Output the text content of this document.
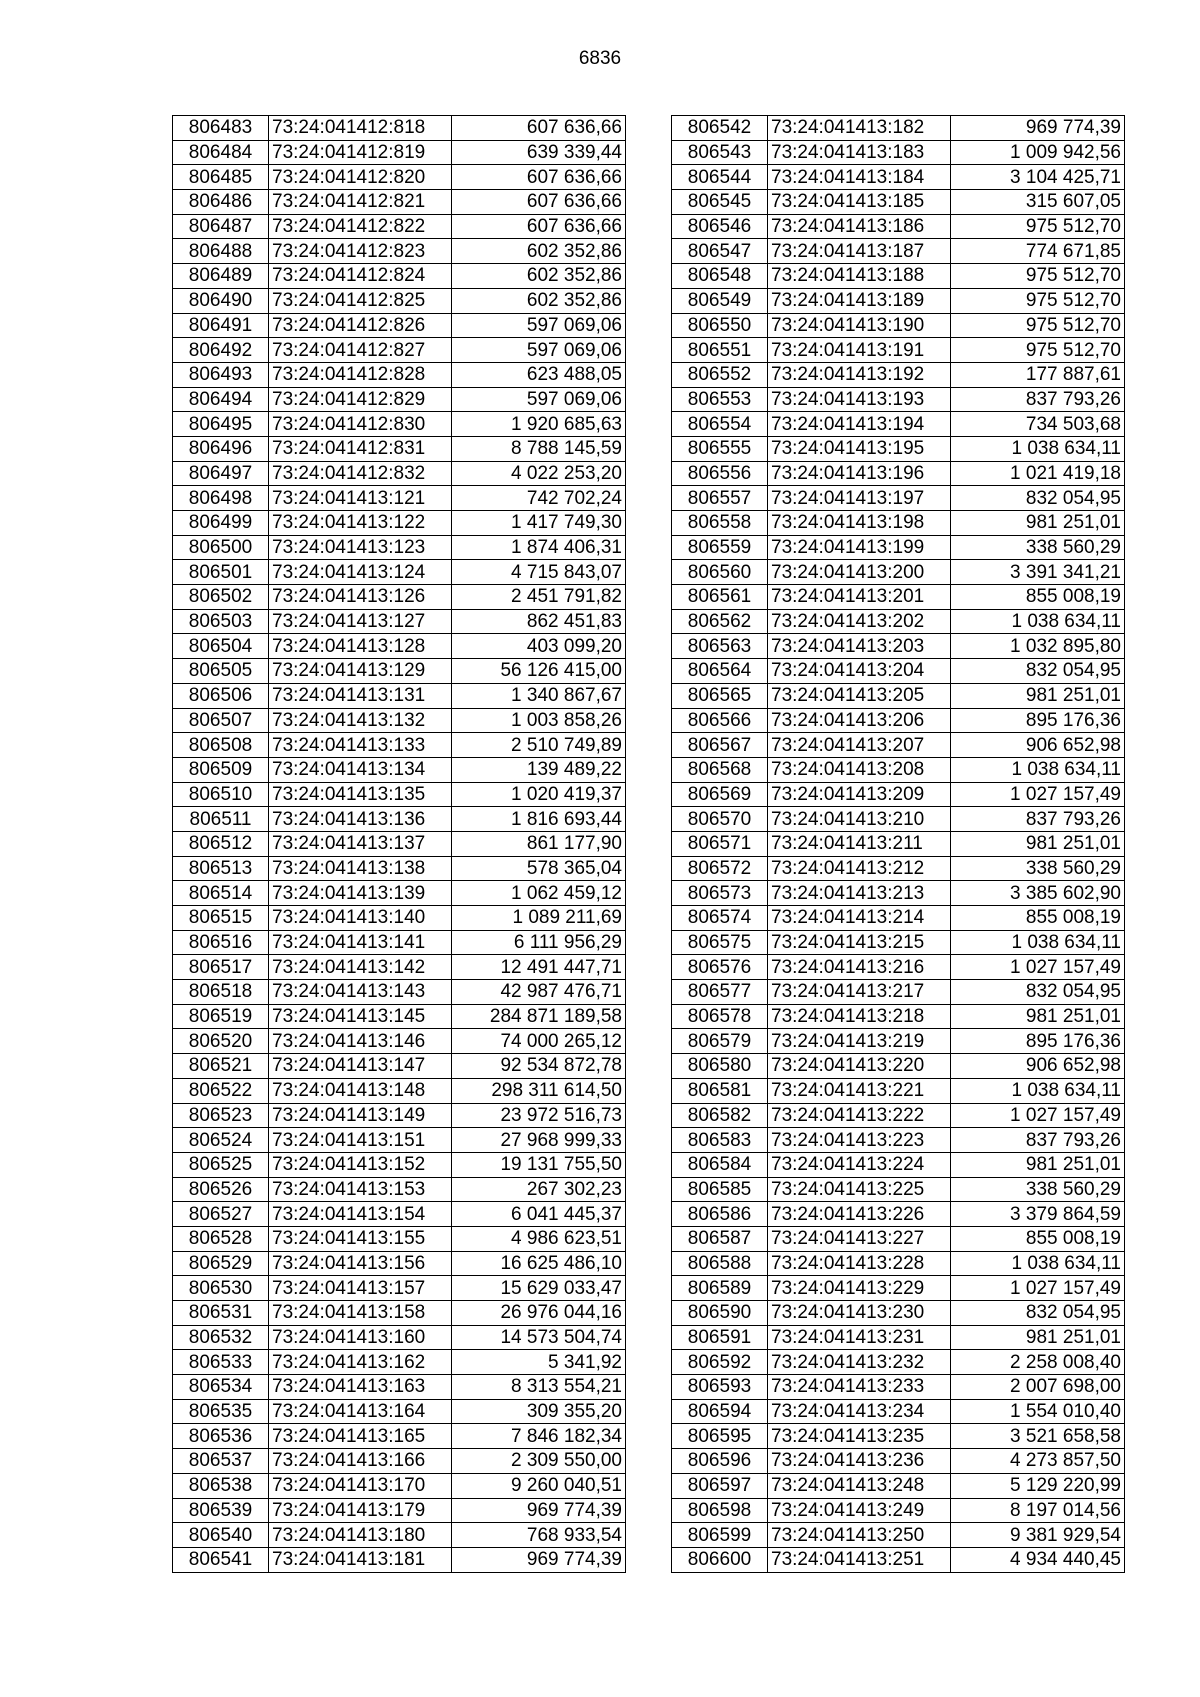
6836
806483	73:24:041412:818	607 636,66
806484	73:24:041412:819	639 339,44
806485	73:24:041412:820	607 636,66
806486	73:24:041412:821	607 636,66
806487	73:24:041412:822	607 636,66
806488	73:24:041412:823	602 352,86
806489	73:24:041412:824	602 352,86
806490	73:24:041412:825	602 352,86
806491	73:24:041412:826	597 069,06
806492	73:24:041412:827	597 069,06
806493	73:24:041412:828	623 488,05
806494	73:24:041412:829	597 069,06
806495	73:24:041412:830	1 920 685,63
806496	73:24:041412:831	8 788 145,59
806497	73:24:041412:832	4 022 253,20
806498	73:24:041413:121	742 702,24
806499	73:24:041413:122	1 417 749,30
806500	73:24:041413:123	1 874 406,31
806501	73:24:041413:124	4 715 843,07
806502	73:24:041413:126	2 451 791,82
806503	73:24:041413:127	862 451,83
806504	73:24:041413:128	403 099,20
806505	73:24:041413:129	56 126 415,00
806506	73:24:041413:131	1 340 867,67
806507	73:24:041413:132	1 003 858,26
806508	73:24:041413:133	2 510 749,89
806509	73:24:041413:134	139 489,22
806510	73:24:041413:135	1 020 419,37
806511	73:24:041413:136	1 816 693,44
806512	73:24:041413:137	861 177,90
806513	73:24:041413:138	578 365,04
806514	73:24:041413:139	1 062 459,12
806515	73:24:041413:140	1 089 211,69
806516	73:24:041413:141	6 111 956,29
806517	73:24:041413:142	12 491 447,71
806518	73:24:041413:143	42 987 476,71
806519	73:24:041413:145	284 871 189,58
806520	73:24:041413:146	74 000 265,12
806521	73:24:041413:147	92 534 872,78
806522	73:24:041413:148	298 311 614,50
806523	73:24:041413:149	23 972 516,73
806524	73:24:041413:151	27 968 999,33
806525	73:24:041413:152	19 131 755,50
806526	73:24:041413:153	267 302,23
806527	73:24:041413:154	6 041 445,37
806528	73:24:041413:155	4 986 623,51
806529	73:24:041413:156	16 625 486,10
806530	73:24:041413:157	15 629 033,47
806531	73:24:041413:158	26 976 044,16
806532	73:24:041413:160	14 573 504,74
806533	73:24:041413:162	5 341,92
806534	73:24:041413:163	8 313 554,21
806535	73:24:041413:164	309 355,20
806536	73:24:041413:165	7 846 182,34
806537	73:24:041413:166	2 309 550,00
806538	73:24:041413:170	9 260 040,51
806539	73:24:041413:179	969 774,39
806540	73:24:041413:180	768 933,54
806541	73:24:041413:181	969 774,39
806542	73:24:041413:182	969 774,39
806543	73:24:041413:183	1 009 942,56
806544	73:24:041413:184	3 104 425,71
806545	73:24:041413:185	315 607,05
806546	73:24:041413:186	975 512,70
806547	73:24:041413:187	774 671,85
806548	73:24:041413:188	975 512,70
806549	73:24:041413:189	975 512,70
806550	73:24:041413:190	975 512,70
806551	73:24:041413:191	975 512,70
806552	73:24:041413:192	177 887,61
806553	73:24:041413:193	837 793,26
806554	73:24:041413:194	734 503,68
806555	73:24:041413:195	1 038 634,11
806556	73:24:041413:196	1 021 419,18
806557	73:24:041413:197	832 054,95
806558	73:24:041413:198	981 251,01
806559	73:24:041413:199	338 560,29
806560	73:24:041413:200	3 391 341,21
806561	73:24:041413:201	855 008,19
806562	73:24:041413:202	1 038 634,11
806563	73:24:041413:203	1 032 895,80
806564	73:24:041413:204	832 054,95
806565	73:24:041413:205	981 251,01
806566	73:24:041413:206	895 176,36
806567	73:24:041413:207	906 652,98
806568	73:24:041413:208	1 038 634,11
806569	73:24:041413:209	1 027 157,49
806570	73:24:041413:210	837 793,26
806571	73:24:041413:211	981 251,01
806572	73:24:041413:212	338 560,29
806573	73:24:041413:213	3 385 602,90
806574	73:24:041413:214	855 008,19
806575	73:24:041413:215	1 038 634,11
806576	73:24:041413:216	1 027 157,49
806577	73:24:041413:217	832 054,95
806578	73:24:041413:218	981 251,01
806579	73:24:041413:219	895 176,36
806580	73:24:041413:220	906 652,98
806581	73:24:041413:221	1 038 634,11
806582	73:24:041413:222	1 027 157,49
806583	73:24:041413:223	837 793,26
806584	73:24:041413:224	981 251,01
806585	73:24:041413:225	338 560,29
806586	73:24:041413:226	3 379 864,59
806587	73:24:041413:227	855 008,19
806588	73:24:041413:228	1 038 634,11
806589	73:24:041413:229	1 027 157,49
806590	73:24:041413:230	832 054,95
806591	73:24:041413:231	981 251,01
806592	73:24:041413:232	2 258 008,40
806593	73:24:041413:233	2 007 698,00
806594	73:24:041413:234	1 554 010,40
806595	73:24:041413:235	3 521 658,58
806596	73:24:041413:236	4 273 857,50
806597	73:24:041413:248	5 129 220,99
806598	73:24:041413:249	8 197 014,56
806599	73:24:041413:250	9 381 929,54
806600	73:24:041413:251	4 934 440,45
